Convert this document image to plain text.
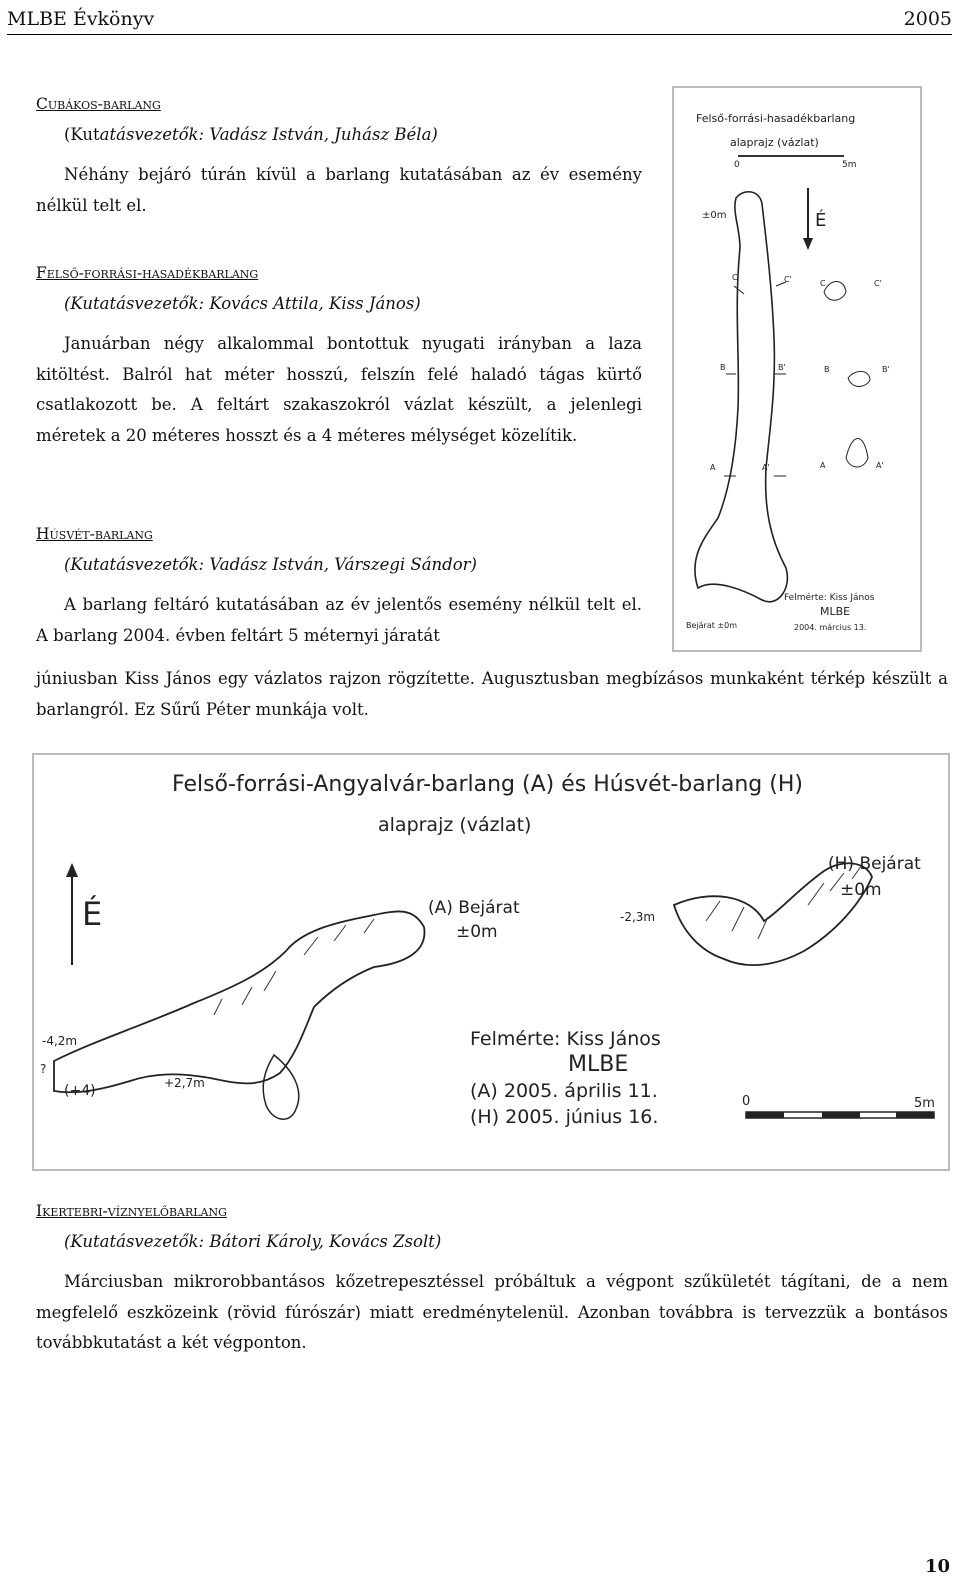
MLBE Évkönyv	2005
Cubákos-barlang
(Kutatásvezetők: Vadász István, Juhász Béla)
Néhány bejáró túrán kívül a barlang kutatásában az év esemény nélkül telt el.
Felső-forrási-hasadékbarlang
(Kutatásvezetők: Kovács Attila, Kiss János)
Januárban négy alkalommal bontottuk nyugati irányban a laza kitöltést. Balról hat méter hosszú, felszín felé haladó tágas kürtő csatlakozott be. A feltárt szakaszokról vázlat készült, a jelenlegi méretek a 20 méteres hosszt és a 4 méteres mélységet közelítik.
Húsvét-barlang
(Kutatásvezetők: Vadász István, Várszegi Sándor)
A barlang feltáró kutatásában az év jelentős esemény nélkül telt el. A barlang 2004. évben feltárt 5 méternyi járatát
júniusban Kiss János egy vázlatos rajzon rögzítette. Augusztusban megbízásos munkaként térkép készült a barlangról. Ez Sűrű Péter munkája volt.
Ikertebri-víznyelőbarlang
(Kutatásvezetők: Bátori Károly, Kovács Zsolt)
Márciusban mikrorobbantásos kőzetrepesztéssel próbáltuk a végpont szűkületét tágítani, de a nem megfelelő eszközeink (rövid fúrószár) miatt eredménytelenül. Azonban továbbra is tervezzük a bontásos továbbkutatást a két végponton.
Felső-forrási-hasadékbarlang
alaprajz (vázlat)
0	5m
±0m	É
C	C'	C	C'
B	B'	B	B'
A	A'	A	A'
Felmérte: Kiss János
MLBE
2004. március 13.
Bejárat ±0m
Felső-forrási-Angyalvár-barlang (A) és Húsvét-barlang (H)
alaprajz (vázlat)
É	(A) Bejárat
±0m
(H) Bejárat
±0m
-2,3m
-4,2m
+2,7m
(+4)
?
Felmérte: Kiss János
MLBE
(A) 2005. április 11.
(H) 2005. június 16.
0	5m
10
